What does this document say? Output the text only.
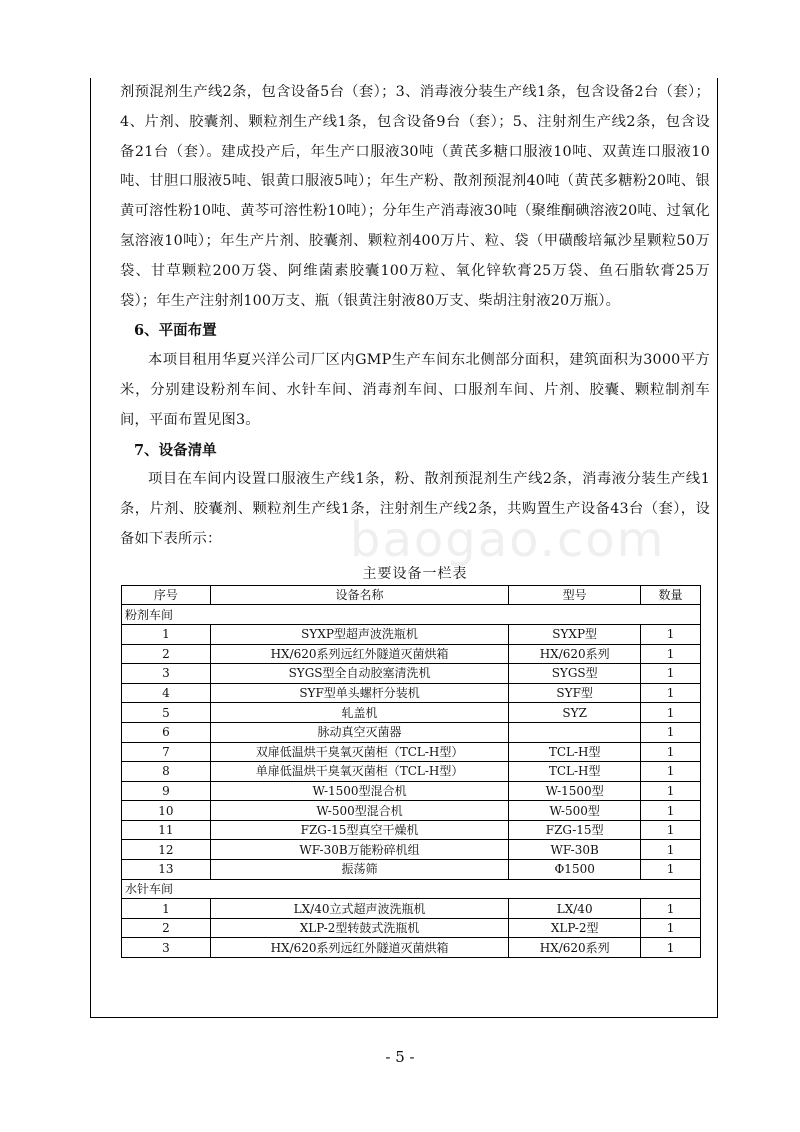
剂预混剂生产线2条，包含设备5台（套）；3、消毒液分装生产线1条，包含设备2台（套）；4、片剂、胶囊剂、颗粒剂生产线1条，包含设备9台（套）；5、注射剂生产线2条，包含设备21台（套）。建成投产后，年生产口服液30吨（黄芪多糖口服液10吨、双黄连口服液10吨、甘胆口服液5吨、银黄口服液5吨）；年生产粉、散剂预混剂40吨（黄芪多糖粉20吨、银黄可溶性粉10吨、黄芩可溶性粉10吨）；分年生产消毒液30吨（聚维酮碘溶液20吨、过氧化氢溶液10吨）；年生产片剂、胶囊剂、颗粒剂400万片、粒、袋（甲磺酸培氟沙星颗粒50万袋、甘草颗粒200万袋、阿维菌素胶囊100万粒、氧化锌软膏25万袋、鱼石脂软膏25万袋）；年生产注射剂100万支、瓶（银黄注射液80万支、柴胡注射液20万瓶）。

6、平面布置

本项目租用华夏兴洋公司厂区内GMP生产车间东北侧部分面积，建筑面积为3000平方米，分别建设粉剂车间、水针车间、消毒剂车间、口服剂车间、片剂、胶囊、颗粒制剂车间，平面布置见图3。

7、设备清单

项目在车间内设置口服液生产线1条，粉、散剂预混剂生产线2条，消毒液分装生产线1条，片剂、胶囊剂、颗粒剂生产线1条，注射剂生产线2条，共购置生产设备43台（套），设备如下表所示：

主要设备一栏表
序号	设备名称	型号	数量
粉剂车间			
1	SYXP型超声波洗瓶机	SYXP型	1
2	HX/620系列远红外隧道灭菌烘箱	HX/620系列	1
3	SYGS型全自动胶塞清洗机	SYGS型	1
4	SYF型单头螺杆分装机	SYF型	1
5	轧盖机	SYZ	1
6	脉动真空灭菌器		1
7	双扉低温烘干臭氧灭菌柜（TCL-H型）	TCL-H型	1
8	单扉低温烘干臭氧灭菌柜（TCL-H型）	TCL-H型	1
9	W-1500型混合机	W-1500型	1
10	W-500型混合机	W-500型	1
11	FZG-15型真空干燥机	FZG-15型	1
12	WF-30B万能粉碎机组	WF-30B	1
13	振荡筛	Φ1500	1
水针车间			
1	LX/40立式超声波洗瓶机	LX/40	1
2	XLP-2型转鼓式洗瓶机	XLP-2型	1
3	HX/620系列远红外隧道灭菌烘箱	HX/620系列	1
baogao.com
- 5 -
